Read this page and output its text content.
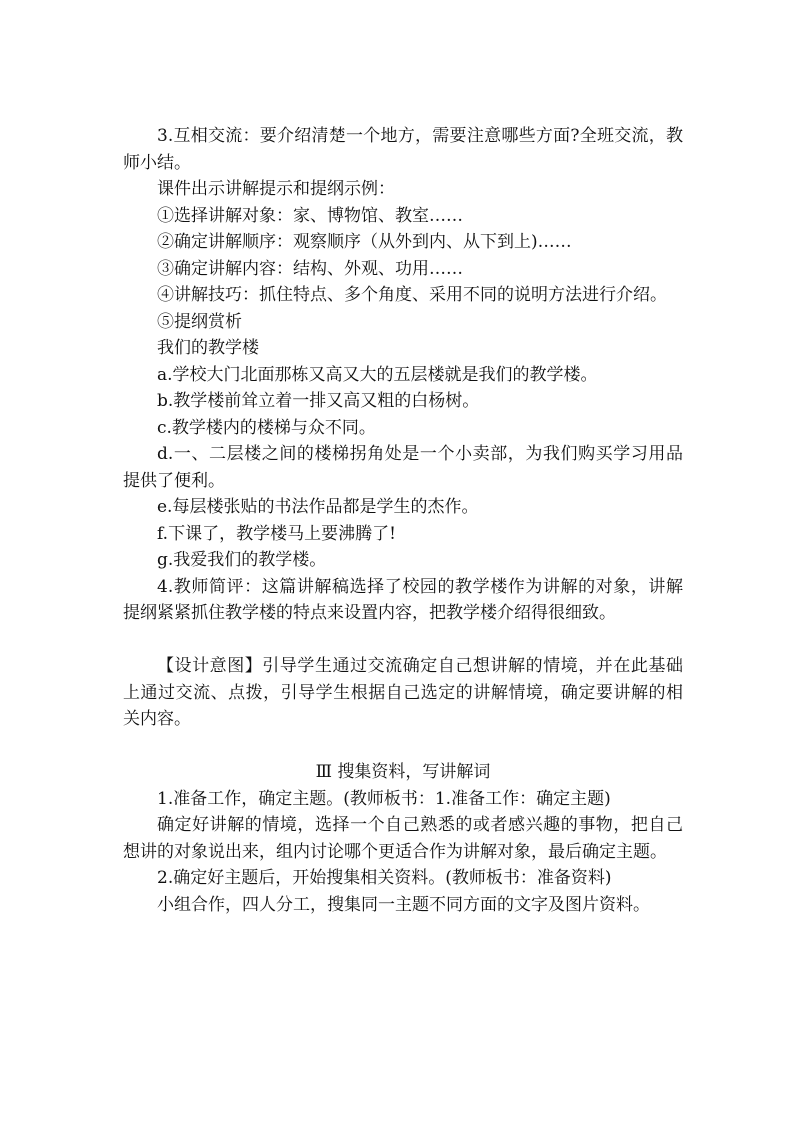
3.互相交流：要介绍清楚一个地方，需要注意哪些方面?全班交流，教师小结。

课件出示讲解提示和提纲示例：

①选择讲解对象：家、博物馆、教室……

②确定讲解顺序：观察顺序（从外到内、从下到上)……

③确定讲解内容：结构、外观、功用……

④讲解技巧：抓住特点、多个角度、采用不同的说明方法进行介绍。

⑤提纲赏析

我们的教学楼

a.学校大门北面那栋又高又大的五层楼就是我们的教学楼。

b.教学楼前耸立着一排又高又粗的白杨树。

c.教学楼内的楼梯与众不同。

d.一、二层楼之间的楼梯拐角处是一个小卖部，为我们购买学习用品提供了便利。

e.每层楼张贴的书法作品都是学生的杰作。

f.下课了，教学楼马上要沸腾了!

g.我爱我们的教学楼。

4.教师简评：这篇讲解稿选择了校园的教学楼作为讲解的对象，讲解提纲紧紧抓住教学楼的特点来设置内容，把教学楼介绍得很细致。

【设计意图】引导学生通过交流确定自己想讲解的情境，并在此基础上通过交流、点拨，引导学生根据自己选定的讲解情境，确定要讲解的相关内容。

Ⅲ 搜集资料，写讲解词

1.准备工作，确定主题。(教师板书：1.准备工作：确定主题)

确定好讲解的情境，选择一个自己熟悉的或者感兴趣的事物，把自己想讲的对象说出来，组内讨论哪个更适合作为讲解对象，最后确定主题。

2.确定好主题后，开始搜集相关资料。(教师板书：准备资料)

小组合作，四人分工，搜集同一主题不同方面的文字及图片资料。
